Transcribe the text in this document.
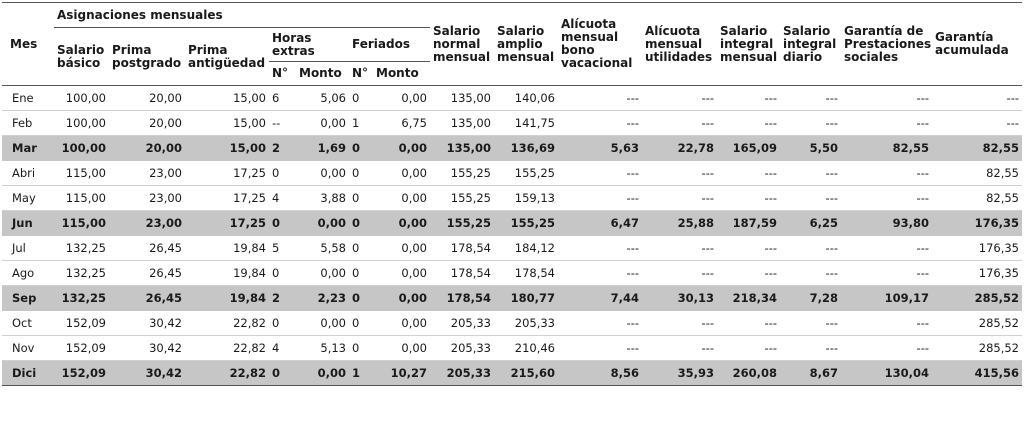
Mes	Asignaciones mensuales							Salario normal mensual	Salario amplio mensual	Alícuota mensual bono vacacional	Alícuota mensual utilidades	Salario integral mensual	Salario integral diario	Garantía de Prestaciones sociales	Garantía acumulada
	Salario básico	Prima postgrado	Prima antigüedad	Horas extras		Feriados									
				N°	Monto	N°	Monto								
Ene	100,00	20,00	15,00	6	5,06	0	0,00	135,00	140,06	---	---	---	---	---	---
Feb	100,00	20,00	15,00	--	0,00	1	6,75	135,00	141,75	---	---	---	---	---	---
Mar	100,00	20,00	15,00	2	1,69	0	0,00	135,00	136,69	5,63	22,78	165,09	5,50	82,55	82,55
Abri	115,00	23,00	17,25	0	0,00	0	0,00	155,25	155,25	---	---	---	---	---	82,55
May	115,00	23,00	17,25	4	3,88	0	0,00	155,25	159,13	---	---	---	---	---	82,55
Jun	115,00	23,00	17,25	0	0,00	0	0,00	155,25	155,25	6,47	25,88	187,59	6,25	93,80	176,35
Jul	132,25	26,45	19,84	5	5,58	0	0,00	178,54	184,12	---	---	---	---	---	176,35
Ago	132,25	26,45	19,84	0	0,00	0	0,00	178,54	178,54	---	---	---	---	---	176,35
Sep	132,25	26,45	19,84	2	2,23	0	0,00	178,54	180,77	7,44	30,13	218,34	7,28	109,17	285,52
Oct	152,09	30,42	22,82	0	0,00	0	0,00	205,33	205,33	---	---	---	---	---	285,52
Nov	152,09	30,42	22,82	4	5,13	0	0,00	205,33	210,46	---	---	---	---	---	285,52
Dici	152,09	30,42	22,82	0	0,00	1	10,27	205,33	215,60	8,56	35,93	260,08	8,67	130,04	415,56
